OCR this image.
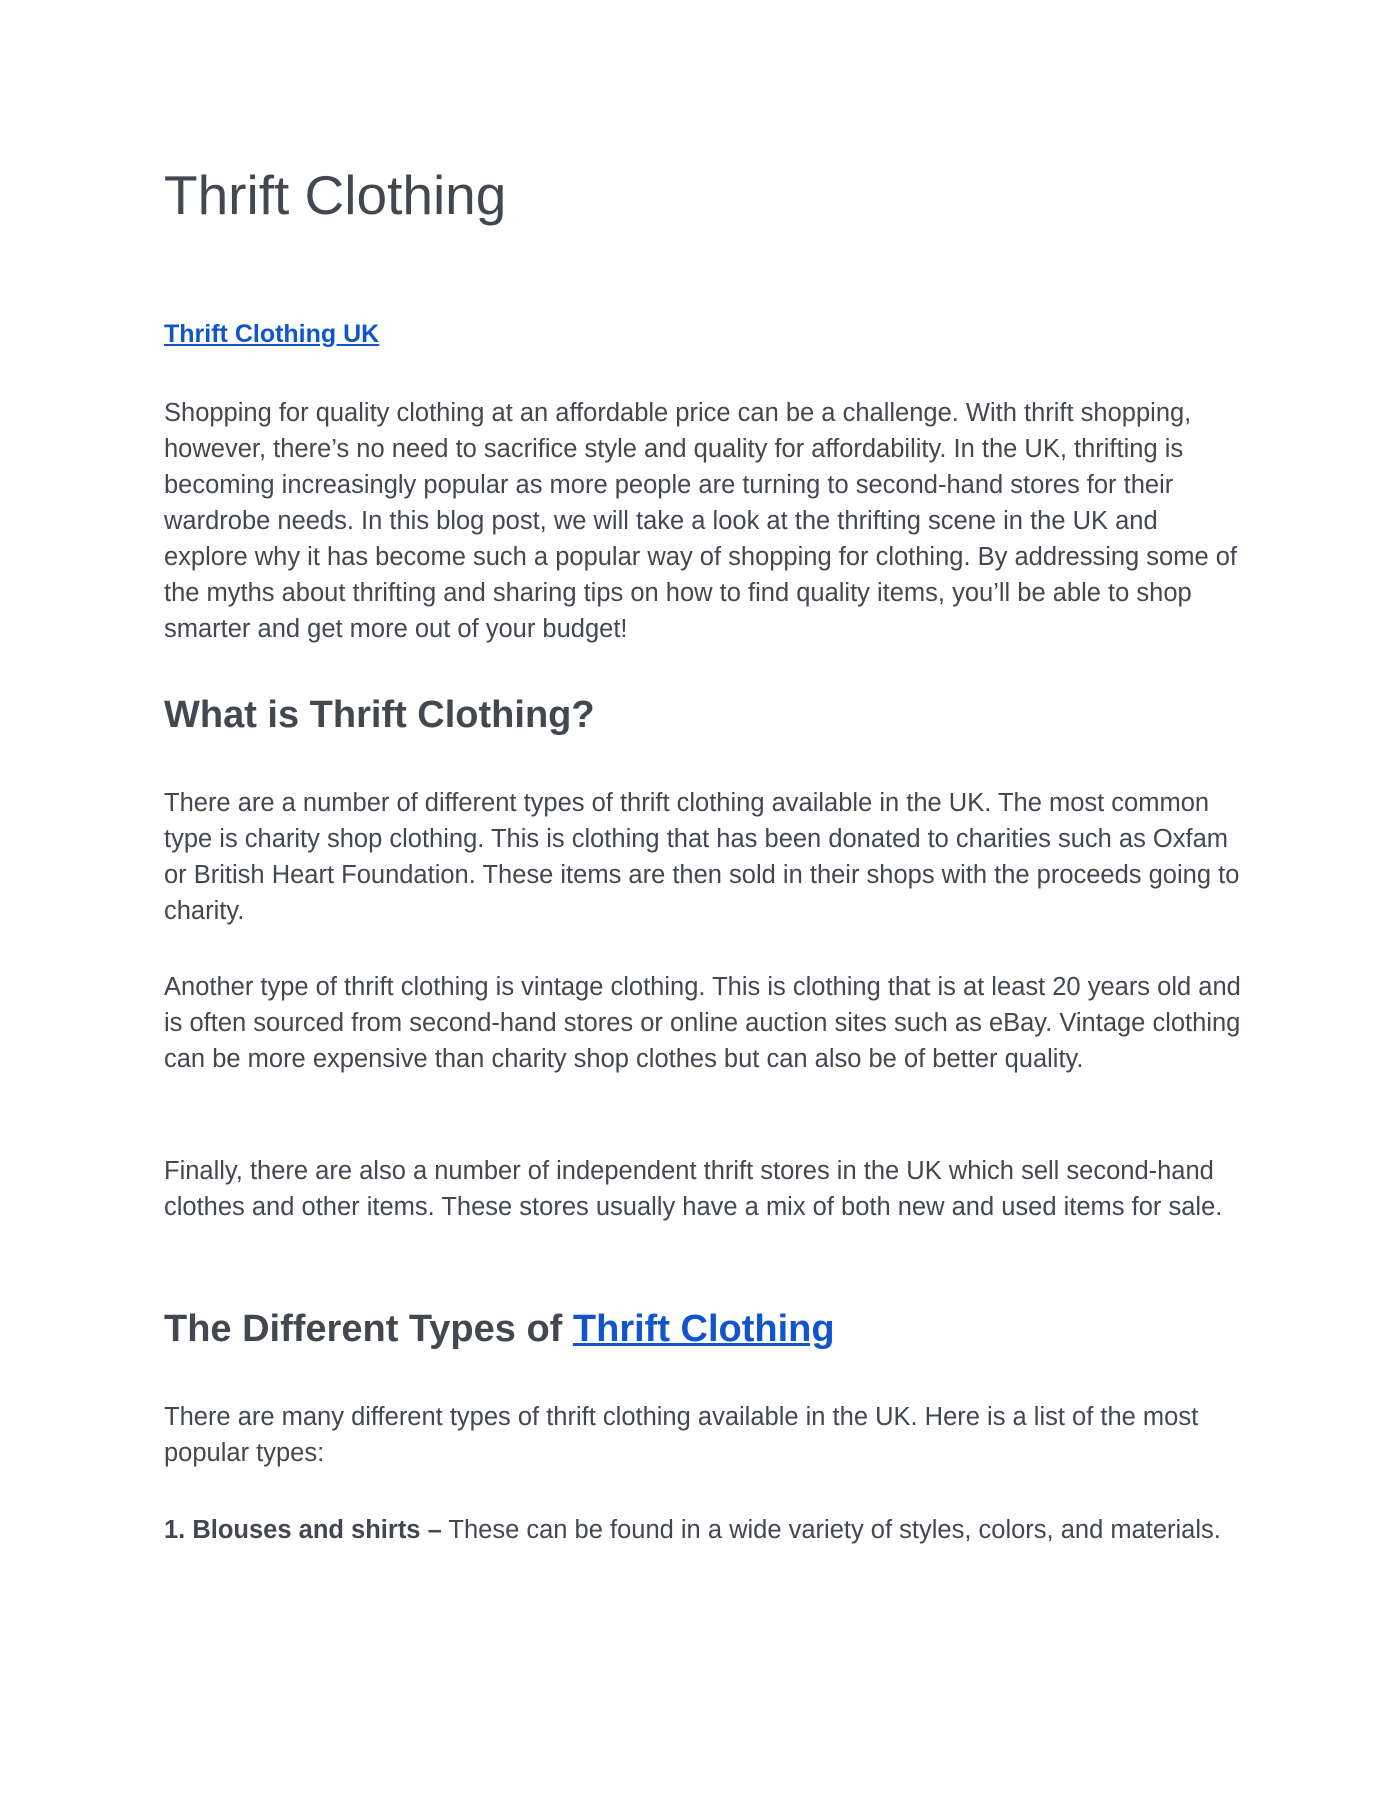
Thrift Clothing
Thrift Clothing UK

Shopping for quality clothing at an affordable price can be a challenge. With thrift shopping, however, there’s no need to sacrifice style and quality for affordability. In the UK, thrifting is becoming increasingly popular as more people are turning to second-hand stores for their wardrobe needs. In this blog post, we will take a look at the thrifting scene in the UK and explore why it has become such a popular way of shopping for clothing. By addressing some of the myths about thrifting and sharing tips on how to find quality items, you’ll be able to shop smarter and get more out of your budget!

What is Thrift Clothing?

There are a number of different types of thrift clothing available in the UK. The most common type is charity shop clothing. This is clothing that has been donated to charities such as Oxfam or British Heart Foundation. These items are then sold in their shops with the proceeds going to charity.

Another type of thrift clothing is vintage clothing. This is clothing that is at least 20 years old and is often sourced from second-hand stores or online auction sites such as eBay. Vintage clothing can be more expensive than charity shop clothes but can also be of better quality.

Finally, there are also a number of independent thrift stores in the UK which sell second-hand clothes and other items. These stores usually have a mix of both new and used items for sale.

The Different Types of Thrift Clothing

There are many different types of thrift clothing available in the UK. Here is a list of the most popular types:

1. Blouses and shirts – These can be found in a wide variety of styles, colors, and materials.
